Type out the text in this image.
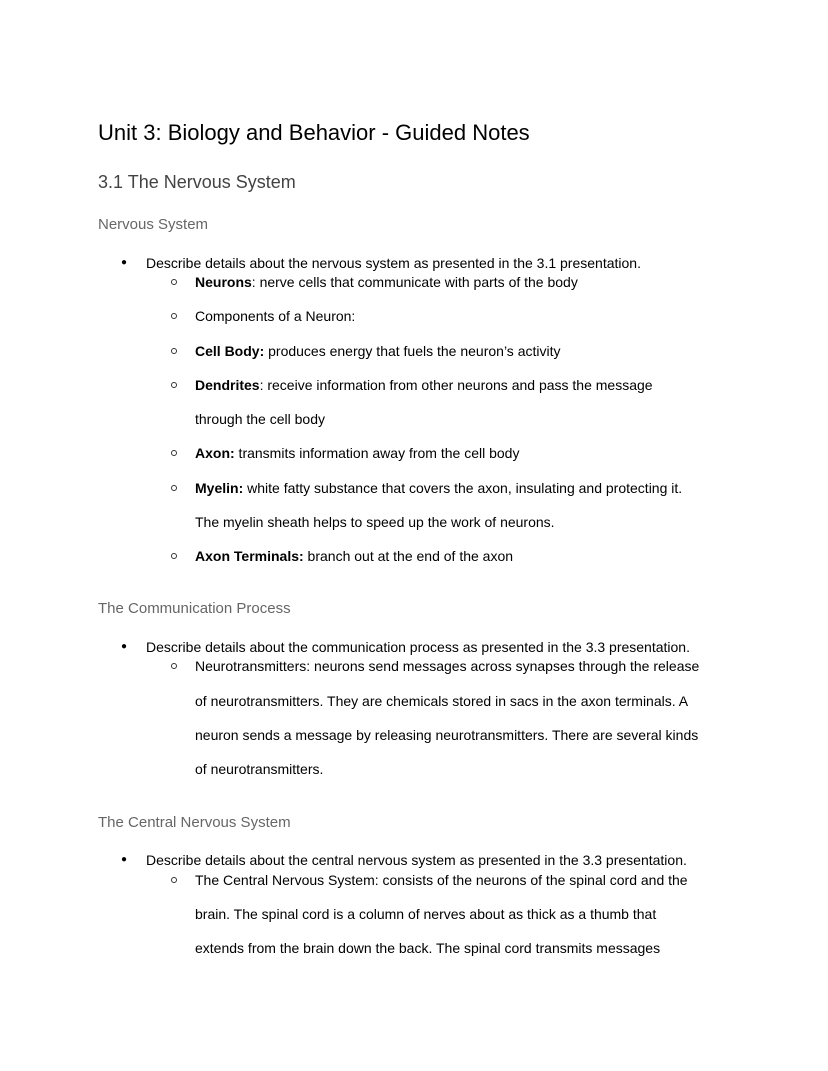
Unit 3: Biology and Behavior - Guided Notes
3.1 The Nervous System
Nervous System
● Describe details about the nervous system as presented in the 3.1 presentation.
Neurons: nerve cells that communicate with parts of the body
Components of a Neuron:
Cell Body: produces energy that fuels the neuron’s activity
Dendrites: receive information from other neurons and pass the message
through the cell body
Axon: transmits information away from the cell body
Myelin: white fatty substance that covers the axon, insulating and protecting it.
The myelin sheath helps to speed up the work of neurons.
Axon Terminals: branch out at the end of the axon
The Communication Process
● Describe details about the communication process as presented in the 3.3 presentation.
Neurotransmitters: neurons send messages across synapses through the release
of neurotransmitters. They are chemicals stored in sacs in the axon terminals. A
neuron sends a message by releasing neurotransmitters. There are several kinds
of neurotransmitters.
The Central Nervous System
● Describe details about the central nervous system as presented in the 3.3 presentation.
The Central Nervous System: consists of the neurons of the spinal cord and the
brain. The spinal cord is a column of nerves about as thick as a thumb that
extends from the brain down the back. The spinal cord transmits messages
